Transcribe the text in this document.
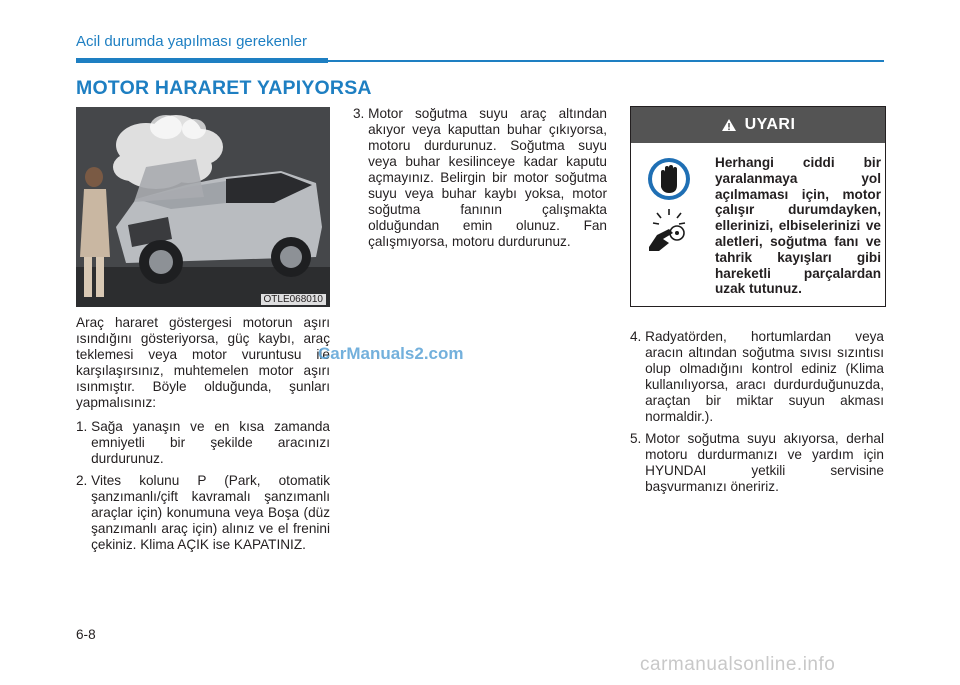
Acil durumda yapılması gerekenler
MOTOR HARARET YAPIYORSA
OTLE068010

Araç hararet göstergesi motorun aşırı ısındığını gösteriyorsa, güç kaybı, araç teklemesi veya motor vuruntusu ile karşılaşırsınız, muhtemelen motor aşırı ısınmıştır. Böyle olduğunda, şunları yapmalısınız:

1. Sağa yanaşın ve en kısa zamanda emniyetli bir şekilde aracınızı durdurunuz.
2. Vites kolunu P (Park, otomatik şanzımanlı/çift kavramalı şanzımanlı araçlar için) konumuna veya Boşa (düz şanzımanlı araç için) alınız ve el frenini çekiniz. Klima AÇIK ise KAPATINIZ.
3. Motor soğutma suyu araç altından akıyor veya kaputtan buhar çıkıyorsa, motoru durdurunuz. Soğutma suyu veya buhar kesilinceye kadar kaputu açmayınız. Belirgin bir motor soğutma suyu veya buhar kaybı yoksa, motor soğutma fanının çalışmakta olduğundan emin olunuz. Fan çalışmıyorsa, motoru durdurunuz.
UYARI

Herhangi ciddi bir yaralanmaya yol açılmaması için, motor çalışır durumdayken, ellerinizi, elbiselerinizi ve aletleri, soğutma fanı ve tahrik kayışları gibi hareketli parçalardan uzak tutunuz.

4. Radyatörden, hortumlardan veya aracın altından soğutma sıvısı sızıntısı olup olmadığını kontrol ediniz (Klima kullanılıyorsa, aracı durdurduğunuzda, araçtan bir miktar suyun akması normaldir.).
5. Motor soğutma suyu akıyorsa, derhal motoru durdurmanızı ve yardım için HYUNDAI yetkili servisine başvurmanızı öneririz.
CarManuals2.com
6-8
carmanualsonline.info
